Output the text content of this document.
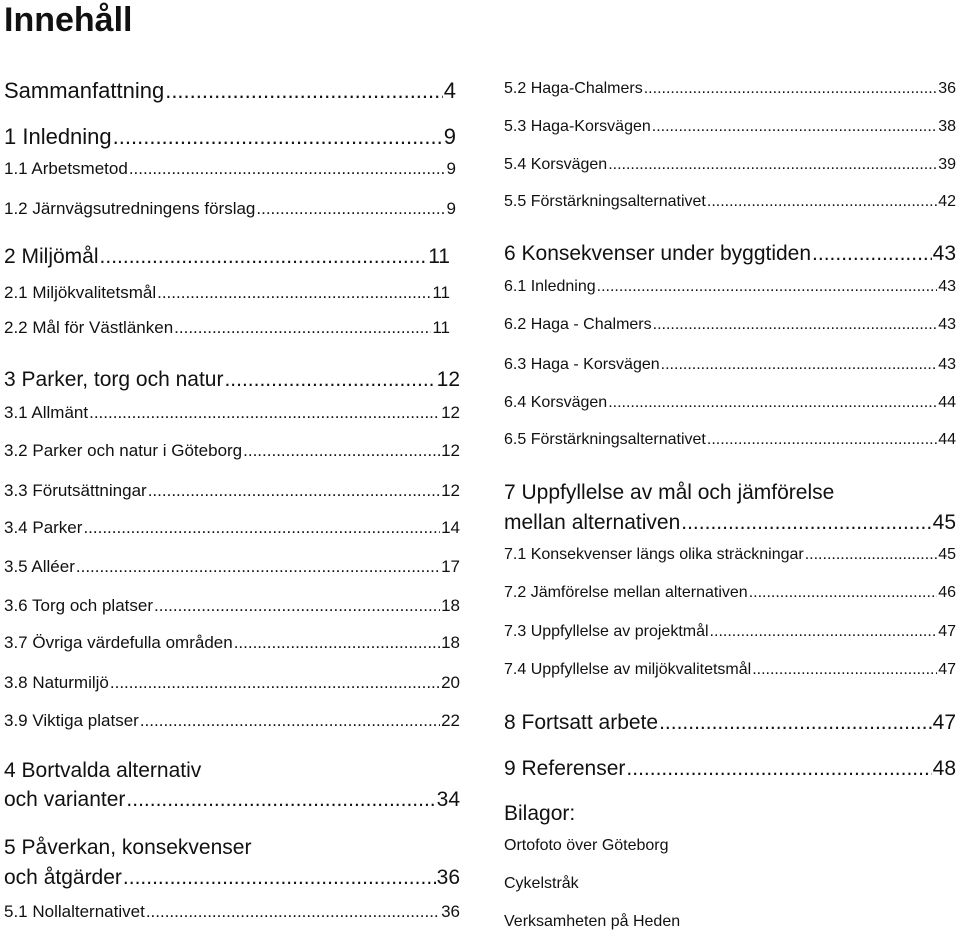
Innehåll
Sammanfattning .....	4
1 Inledning .....	9
1.1 Arbetsmetod .....	9
1.2 Järnvägsutredningens förslag .....	9
2 Miljömål .....	11
2.1 Miljökvalitetsmål .....	11
2.2 Mål för Västlänken .....	11
3 Parker, torg och natur .....	12
3.1 Allmänt .....	12
3.2 Parker och natur i Göteborg .....	12
3.3 Förutsättningar .....	12
3.4 Parker .....	14
3.5 Alléer .....	17
3.6 Torg och platser .....	18
3.7 Övriga värdefulla områden .....	18
3.8 Naturmiljö .....	20
3.9 Viktiga platser .....	22
4 Bortvalda alternativ
och varianter .....	34
5 Påverkan, konsekvenser
och åtgärder .....	36
5.1 Nollalternativet .....	36
5.2 Haga-Chalmers .....	36
5.3 Haga-Korsvägen .....	38
5.4 Korsvägen .....	39
5.5 Förstärkningsalternativet .....	42
6 Konsekvenser under byggtiden .....	43
6.1 Inledning .....	43
6.2 Haga - Chalmers .....	43
6.3 Haga - Korsvägen .....	43
6.4 Korsvägen .....	44
6.5 Förstärkningsalternativet .....	44
7 Uppfyllelse av mål och jämförelse
mellan alternativen .....	45
7.1 Konsekvenser längs olika sträckningar .....	45
7.2 Jämförelse mellan alternativen .....	46
7.3 Uppfyllelse av projektmål .....	47
7.4 Uppfyllelse av miljökvalitetsmål .....	47
8 Fortsatt arbete .....	47
9 Referenser .....	48
Bilagor:
Ortofoto över Göteborg
Cykelstråk
Verksamheten på Heden
